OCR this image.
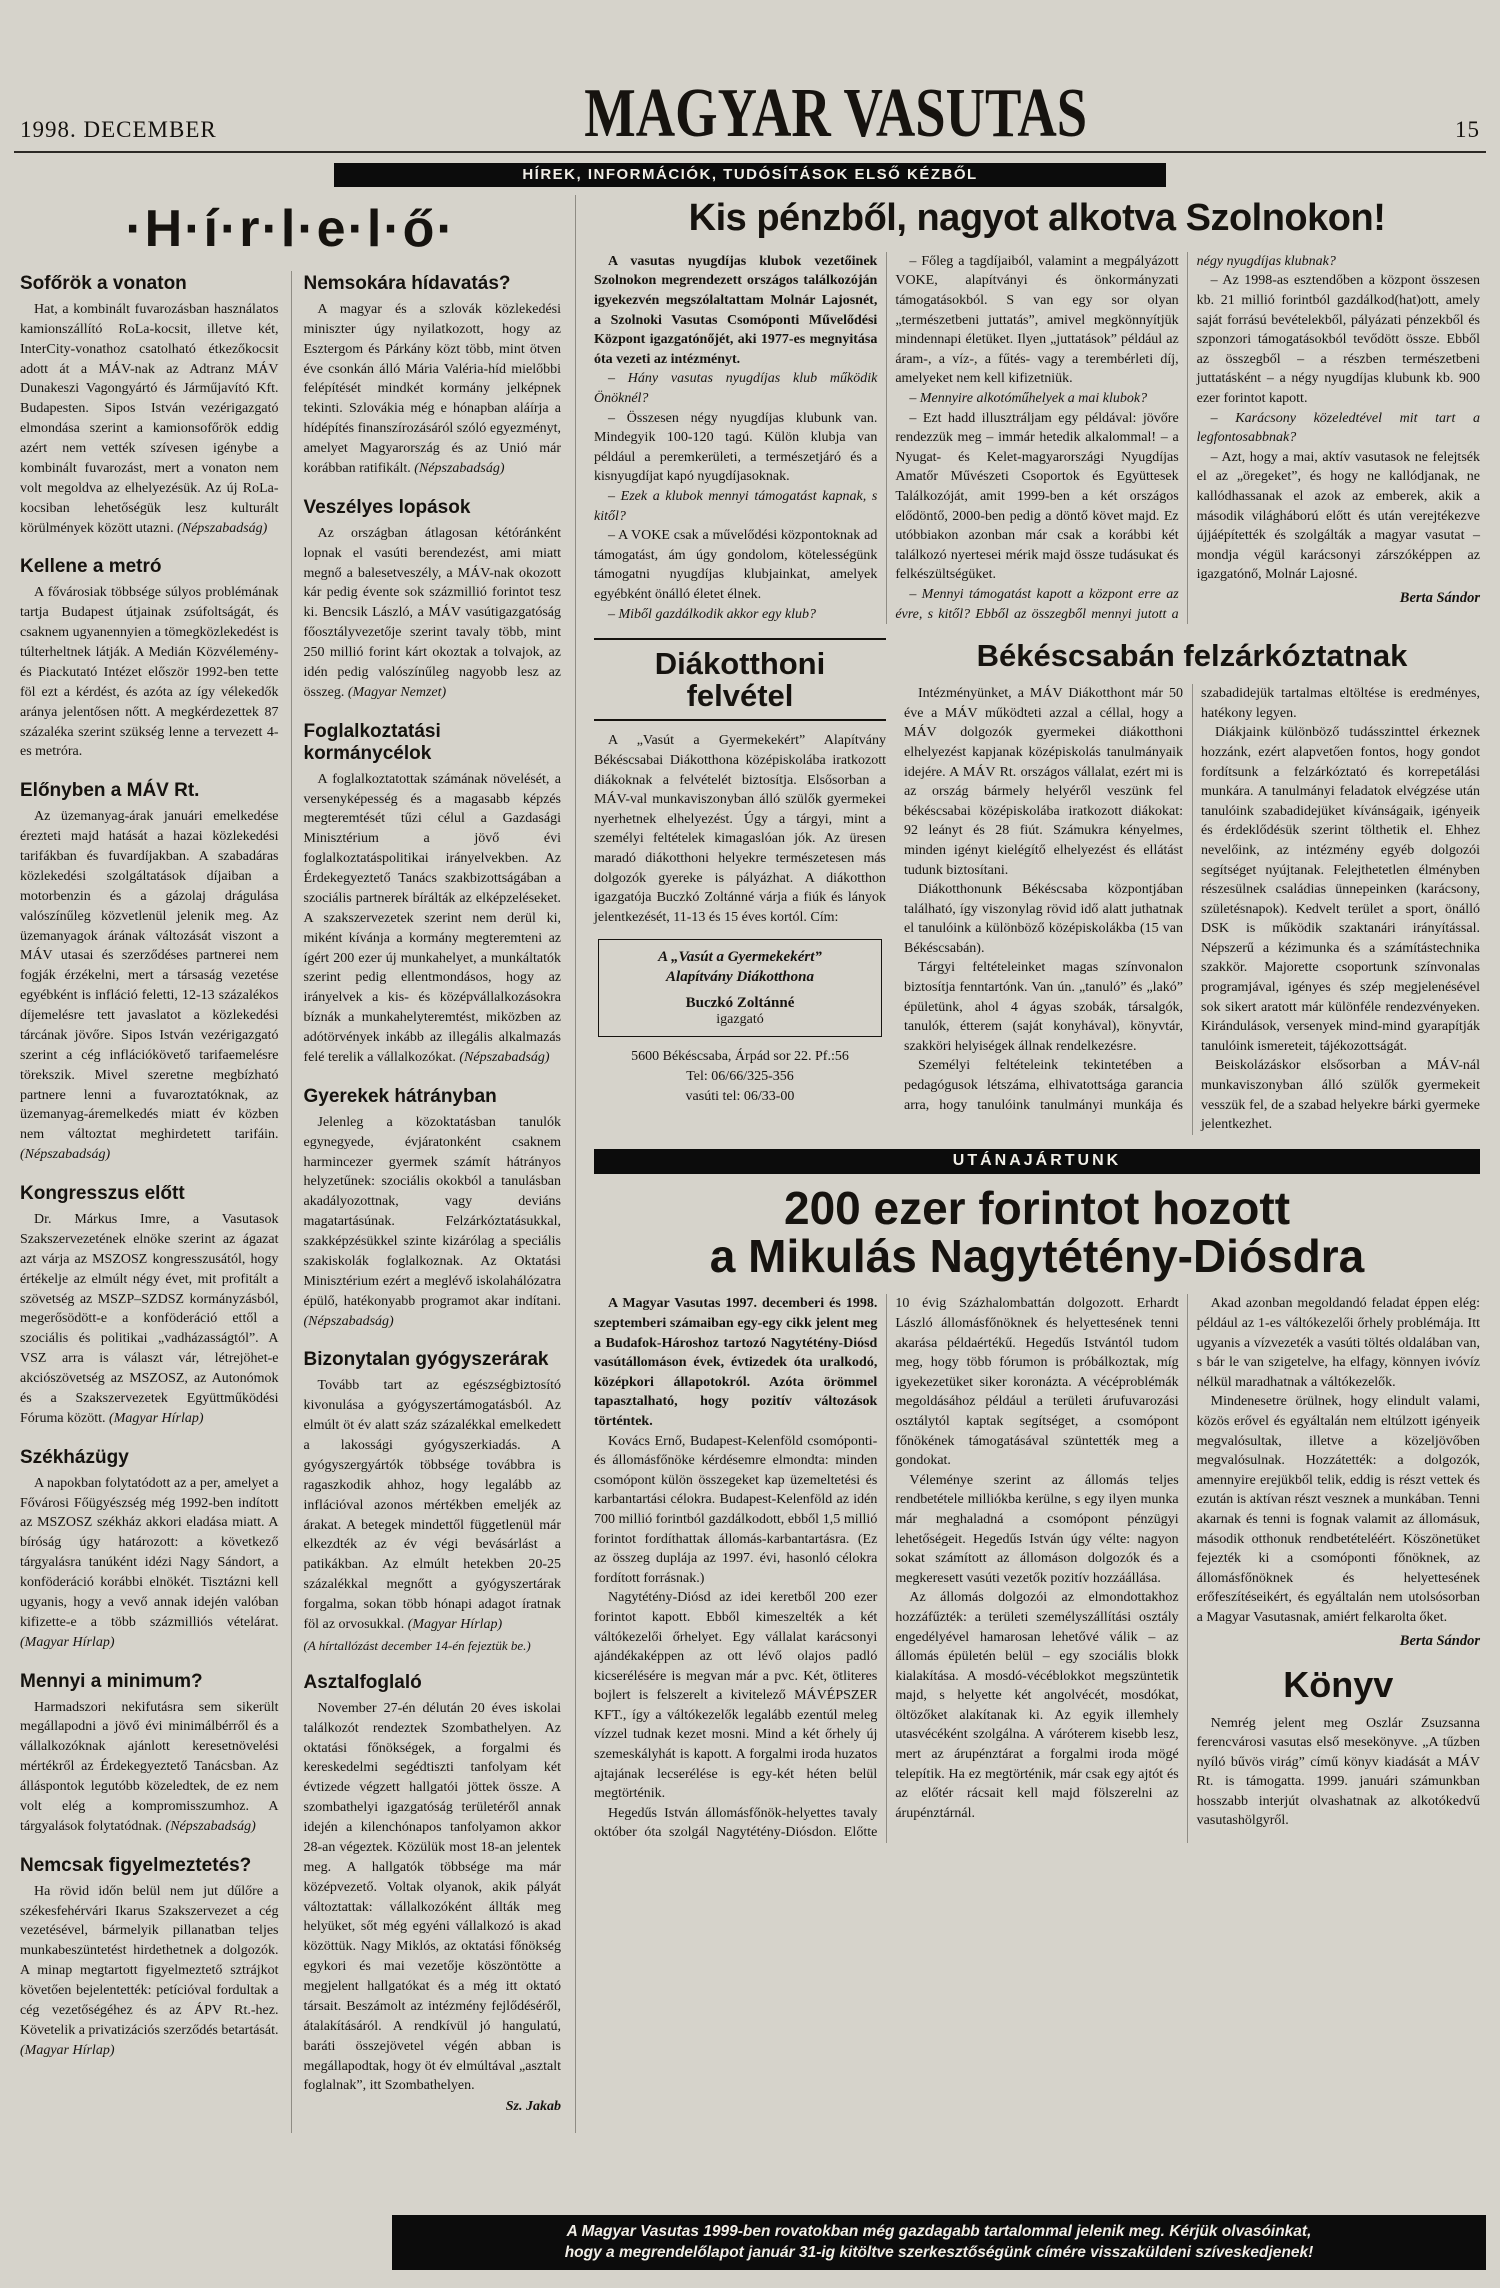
1998. DECEMBER	MAGYAR VASUTAS	15
HÍREK, INFORMÁCIÓK, TUDÓSÍTÁSOK ELSŐ KÉZBŐL
·H·í·r·l·e·l·ő·
Sofőrök a vonaton

Hat, a kombinált fuvarozásban használatos kamionszállító RoLa-kocsit, illetve két, InterCity-vonathoz csatolható étkezőkocsit adott át a MÁV-nak az Adtranz MÁV Dunakeszi Vagongyártó és Járműjavító Kft. Budapesten. Sipos István vezérigazgató elmondása szerint a kamionsofőrök eddig azért nem vették szívesen igénybe a kombinált fuvarozást, mert a vonaton nem volt megoldva az elhelyezésük. Az új RoLa-kocsiban lehetőségük lesz kulturált körülmények között utazni. (Népszabadság)

Kellene a metró

A fővárosiak többsége súlyos problémának tartja Budapest útjainak zsúfoltságát, és csaknem ugyanennyien a tömegközlekedést is túlterheltnek látják. A Medián Közvélemény- és Piackutató Intézet először 1992-ben tette föl ezt a kérdést, és azóta az így vélekedők aránya jelentősen nőtt. A megkérdezettek 87 százaléka szerint szükség lenne a tervezett 4-es metróra.

Előnyben a MÁV Rt.

Az üzemanyag-árak januári emelkedése érezteti majd hatását a hazai közlekedési tarifákban és fuvardíjakban. A szabadáras közlekedési szolgáltatások díjaiban a motorbenzin és a gázolaj drágulása valószínűleg közvetlenül jelenik meg. Az üzemanyagok árának változását viszont a MÁV utasai és szerződéses partnerei nem fogják érzékelni, mert a társaság vezetése egyébként is infláció feletti, 12-13 százalékos díjemelésre tett javaslatot a közlekedési tárcának jövőre. Sipos István vezérigazgató szerint a cég inflációkövető tarifaemelésre törekszik. Mivel szeretne megbízható partnere lenni a fuvaroztatóknak, az üzemanyag-áremelkedés miatt év közben nem változtat meghirdetett tarifáin. (Népszabadság)

Kongresszus előtt

Dr. Márkus Imre, a Vasutasok Szakszervezetének elnöke szerint az ágazat azt várja az MSZOSZ kongresszusától, hogy értékelje az elmúlt négy évet, mit profitált a szövetség az MSZP–SZDSZ kormányzásból, megerősödött-e a konföderáció ettől a szociális és politikai „vadházasságtól”. A VSZ arra is választ vár, létrejöhet-e akciószövetség az MSZOSZ, az Autonómok és a Szakszervezetek Együttműködési Fóruma között. (Magyar Hírlap)

Székházügy

A napokban folytatódott az a per, amelyet a Fővárosi Főügyészség még 1992-ben indított az MSZOSZ székház akkori eladása miatt. A bíróság úgy határozott: a következő tárgyalásra tanúként idézi Nagy Sándort, a konföderáció korábbi elnökét. Tisztázni kell ugyanis, hogy a vevő annak idején valóban kifizette-e a több százmilliós vételárat. (Magyar Hírlap)

Mennyi a minimum?

Harmadszori nekifutásra sem sikerült megállapodni a jövő évi minimálbérről és a vállalkozóknak ajánlott keresetnövelési mértékről az Érdekegyeztető Tanácsban. Az álláspontok legutóbb közeledtek, de ez nem volt elég a kompromisszumhoz. A tárgyalások folytatódnak. (Népszabadság)

Nemcsak figyelmeztetés?

Ha rövid időn belül nem jut dűlőre a székesfehérvári Ikarus Szakszervezet a cég vezetésével, bármelyik pillanatban teljes munkabeszüntetést hirdethetnek a dolgozók. A minap megtartott figyelmeztető sztrájkot követően bejelentették: petícióval fordultak a cég vezetőségéhez és az ÁPV Rt.-hez. Követelik a privatizációs szerződés betartását. (Magyar Hírlap)

Nemsokára hídavatás?

A magyar és a szlovák közlekedési miniszter úgy nyilatkozott, hogy az Esztergom és Párkány közt több, mint ötven éve csonkán álló Mária Valéria-híd mielőbbi felépítését mindkét kormány jelképnek tekinti. Szlovákia még e hónapban aláírja a hídépítés finanszírozásáról szóló egyezményt, amelyet Magyarország és az Unió már korábban ratifikált. (Népszabadság)

Veszélyes lopások

Az országban átlagosan kétóránként lopnak el vasúti berendezést, ami miatt megnő a balesetveszély, a MÁV-nak okozott kár pedig évente sok százmillió forintot tesz ki. Bencsik László, a MÁV vasútigazgatóság főosztályvezetője szerint tavaly több, mint 250 millió forint kárt okoztak a tolvajok, az idén pedig valószínűleg nagyobb lesz az összeg. (Magyar Nemzet)

Foglalkoztatási kormánycélok

A foglalkoztatottak számának növelését, a versenyképesség és a magasabb képzés megteremtését tűzi célul a Gazdasági Minisztérium a jövő évi foglalkoztatáspolitikai irányelvekben. Az Érdekegyeztető Tanács szakbizottságában a szociális partnerek bírálták az elképzeléseket. A szakszervezetek szerint nem derül ki, miként kívánja a kormány megteremteni az ígért 200 ezer új munkahelyet, a munkáltatók szerint pedig ellentmondásos, hogy az irányelvek a kis- és középvállalkozásokra bíznák a munkahelyteremtést, miközben az adótörvények inkább az illegális alkalmazás felé terelik a vállalkozókat. (Népszabadság)

Gyerekek hátrányban

Jelenleg a közoktatásban tanulók egynegyede, évjáratonként csaknem harmincezer gyermek számít hátrányos helyzetűnek: szociális okokból a tanulásban akadályozottnak, vagy deviáns magatartásúnak. Felzárkóztatásukkal, szakképzésükkel szinte kizárólag a speciális szakiskolák foglalkoznak. Az Oktatási Minisztérium ezért a meglévő iskolahálózatra épülő, hatékonyabb programot akar indítani. (Népszabadság)

Bizonytalan gyógyszerárak

Tovább tart az egészségbiztosító kivonulása a gyógyszertámogatásból. Az elmúlt öt év alatt száz százalékkal emelkedett a lakossági gyógyszerkiadás. A gyógyszergyártók többsége továbbra is ragaszkodik ahhoz, hogy legalább az inflációval azonos mértékben emeljék az árakat. A betegek mindettől függetlenül már elkezdték az év végi bevásárlást a patikákban. Az elmúlt hetekben 20-25 százalékkal megnőtt a gyógyszertárak forgalma, sokan több hónapi adagot íratnak föl az orvosukkal. (Magyar Hírlap)

(A hírtallózást december 14-én fejeztük be.)

Asztalfoglaló

November 27-én délután 20 éves iskolai találkozót rendeztek Szombathelyen. Az oktatási főnökségek, a forgalmi és kereskedelmi segédtiszti tanfolyam két évtizede végzett hallgatói jöttek össze. A szombathelyi igazgatóság területéről annak idején a kilenchónapos tanfolyamon akkor 28-an végeztek. Közülük most 18-an jelentek meg. A hallgatók többsége ma már középvezető. Voltak olyanok, akik pályát változtattak: vállalkozóként állták meg helyüket, sőt még egyéni vállalkozó is akad közöttük. Nagy Miklós, az oktatási főnökség egykori és mai vezetője köszöntötte a megjelent hallgatókat és a még itt oktató társait. Beszámolt az intézmény fejlődéséről, átalakításáról. A rendkívül jó hangulatú, baráti összejövetel végén abban is megállapodtak, hogy öt év elmúltával „asztalt foglalnak”, itt Szombathelyen.

Sz. Jakab

Kis pénzből, nagyot alkotva Szolnokon!

A vasutas nyugdíjas klubok vezetőinek Szolnokon megrendezett országos találkozóján igyekezvén megszólaltattam Molnár Lajosnét, a Szolnoki Vasutas Csomóponti Művelődési Központ igazgatónőjét, aki 1977-es megnyitása óta vezeti az intézményt.

– Hány vasutas nyugdíjas klub működik Önöknél?

– Összesen négy nyugdíjas klubunk van. Mindegyik 100-120 tagú. Külön klubja van például a peremkerületi, a természetjáró és a kisnyugdíjat kapó nyugdíjasoknak.

– Ezek a klubok mennyi támogatást kapnak, s kitől?

– A VOKE csak a művelődési központoknak ad támogatást, ám úgy gondolom, kötelességünk támogatni nyugdíjas klubjainkat, amelyek egyébként önálló életet élnek.

– Miből gazdálkodik akkor egy klub?

– Főleg a tagdíjaiból, valamint a megpályázott VOKE, alapítványi és önkormányzati támogatásokból. S van egy sor olyan „természetbeni juttatás”, amivel megkönnyítjük mindennapi életüket. Ilyen „juttatások” például az áram-, a víz-, a fűtés- vagy a terembérleti díj, amelyeket nem kell kifizetniük.

– Mennyire alkotóműhelyek a mai klubok?

– Ezt hadd illusztráljam egy példával: jövőre rendezzük meg – immár hetedik alkalommal! – a Nyugat- és Kelet-magyarországi Nyugdíjas Amatőr Művészeti Csoportok és Együttesek Találkozóját, amit 1999-ben a két országos elődöntő, 2000-ben pedig a döntő követ majd. Ez utóbbiakon azonban már csak a korábbi két találkozó nyertesei mérik majd össze tudásukat és felkészültségüket.

– Mennyi támogatást kapott a központ erre az évre, s kitől? Ebből az összegből mennyi jutott a négy nyugdíjas klubnak?

– Az 1998-as esztendőben a központ összesen kb. 21 millió forintból gazdálkod(hat)ott, amely saját forrású bevételekből, pályázati pénzekből és szponzori támogatásokból tevődött össze. Ebből az összegből – a részben természetbeni juttatásként – a négy nyugdíjas klubunk kb. 900 ezer forintot kapott.

– Karácsony közeledtével mit tart a legfontosabbnak?

– Azt, hogy a mai, aktív vasutasok ne felejtsék el az „öregeket”, és hogy ne kallódjanak, ne kallódhassanak el azok az emberek, akik a második világháború előtt és után verejtékezve újjáépítették és szolgálták a magyar vasutat – mondja végül karácsonyi zárszóképpen az igazgatónő, Molnár Lajosné.

Berta Sándor

Diákotthoni
felvétel

A „Vasút a Gyermekekért” Alapítvány Békéscsabai Diákotthona középiskolába iratkozott diákoknak a felvételét biztosítja. Elsősorban a MÁV-val munkaviszonyban álló szülők gyermekei nyerhetnek elhelyezést. Úgy a tárgyi, mint a személyi feltételek kimagaslóan jók. Az üresen maradó diákotthoni helyekre természetesen más dolgozók gyereke is pályázhat. A diákotthon igazgatója Buczkó Zoltánné várja a fiúk és lányok jelentkezését, 11-13 és 15 éves kortól. Cím:

A „Vasút a Gyermekekért”
Alapítvány Diákotthona
Buczkó Zoltánné
igazgató
5600 Békéscsaba, Árpád sor 22. Pf.:56
Tel: 06/66/325-356
vasúti tel: 06/33-00
Békéscsabán felzárkóztatnak

Intézményünket, a MÁV Diákotthont már 50 éve a MÁV működteti azzal a céllal, hogy a MÁV dolgozók gyermekei diákotthoni elhelyezést kapjanak középiskolás tanulmányaik idejére. A MÁV Rt. országos vállalat, ezért mi is az ország bármely helyéről veszünk fel békéscsabai középiskolába iratkozott diákokat: 92 leányt és 28 fiút. Számukra kényelmes, minden igényt kielégítő elhelyezést és ellátást tudunk biztosítani.

Diákotthonunk Békéscsaba központjában található, így viszonylag rövid idő alatt juthatnak el tanulóink a különböző középiskolákba (15 van Békéscsabán).

Tárgyi feltételeinket magas színvonalon biztosítja fenntartónk. Van ún. „tanuló” és „lakó” épületünk, ahol 4 ágyas szobák, társalgók, tanulók, étterem (saját konyhával), könyvtár, szakköri helyiségek állnak rendelkezésre.

Személyi feltételeink tekintetében a pedagógusok létszáma, elhivatottsága garancia arra, hogy tanulóink tanulmányi munkája és szabadidejük tartalmas eltöltése is eredményes, hatékony legyen.

Diákjaink különböző tudásszinttel érkeznek hozzánk, ezért alapvetően fontos, hogy gondot fordítsunk a felzárkóztató és korrepetálási munkára. A tanulmányi feladatok elvégzése után tanulóink szabadidejüket kívánságaik, igényeik és érdeklődésük szerint tölthetik el. Ehhez nevelőink, az intézmény egyéb dolgozói segítséget nyújtanak. Felejthetetlen élményben részesülnek családias ünnepeinken (karácsony, születésnapok). Kedvelt terület a sport, önálló DSK is működik szaktanári irányítással. Népszerű a kézimunka és a számítástechnika szakkör. Majorette csoportunk színvonalas programjával, igényes és szép megjelenésével sok sikert aratott már különféle rendezvényeken. Kirándulások, versenyek mind-mind gyarapítják tanulóink ismereteit, tájékozottságát.

Beiskolázáskor elsősorban a MÁV-nál munkaviszonyban álló szülők gyermekeit vesszük fel, de a szabad helyekre bárki gyermeke jelentkezhet.

UTÁNAJÁRTUNK
200 ezer forintot hozott
a Mikulás Nagytétény-Diósdra

A Magyar Vasutas 1997. decemberi és 1998. szeptemberi számaiban egy-egy cikk jelent meg a Budafok-Hároshoz tartozó Nagytétény-Diósd vasútállomáson évek, évtizedek óta uralkodó, középkori állapotokról. Azóta örömmel tapasztalható, hogy pozitív változások történtek.

Kovács Ernő, Budapest-Kelenföld csomóponti- és állomásfőnöke kérdésemre elmondta: minden csomópont külön összegeket kap üzemeltetési és karbantartási célokra. Budapest-Kelenföld az idén 700 millió forintból gazdálkodott, ebből 1,5 millió forintot fordíthattak állomás-karbantartásra. (Ez az összeg duplája az 1997. évi, hasonló célokra fordított forrásnak.)

Nagytétény-Diósd az idei keretből 200 ezer forintot kapott. Ebből kimeszelték a két váltókezelői őrhelyet. Egy vállalat karácsonyi ajándékaképpen az ott lévő olajos padló kicserélésére is megvan már a pvc. Két, ötliteres bojlert is felszerelt a kivitelező MÁVÉPSZER KFT., így a váltókezelők legalább ezentúl meleg vízzel tudnak kezet mosni. Mind a két őrhely új szemeskályhát is kapott. A forgalmi iroda huzatos ajtajának lecserélése is egy-két héten belül megtörténik.

Hegedűs István állomásfőnök-helyettes tavaly október óta szolgál Nagytétény-Diósdon. Előtte 10 évig Százhalombattán dolgozott. Erhardt László állomásfőnöknek és helyettesének tenni akarása példaértékű. Hegedűs Istvántól tudom meg, hogy több fórumon is próbálkoztak, míg igyekezetüket siker koronázta. A vécéproblémák megoldásához például a területi árufuvarozási osztálytól kaptak segítséget, a csomópont főnökének támogatásával szüntették meg a gondokat.

Véleménye szerint az állomás teljes rendbetétele milliókba kerülne, s egy ilyen munka már meghaladná a csomópont pénzügyi lehetőségeit. Hegedűs István úgy vélte: nagyon sokat számított az állomáson dolgozók és a megkeresett vasúti vezetők pozitív hozzáállása.

Az állomás dolgozói az elmondottakhoz hozzáfűzték: a területi személyszállítási osztály engedélyével hamarosan lehetővé válik – az állomás épületén belül – egy szociális blokk kialakítása. A mosdó-vécéblokkot megszüntetik majd, s helyette két angolvécét, mosdókat, öltözőket alakítanak ki. Az egyik illemhely utasvécéként szolgálna. A váróterem kisebb lesz, mert az árupénztárat a forgalmi iroda mögé telepítik. Ha ez megtörténik, már csak egy ajtót és az előtér rácsait kell majd fölszerelni az árupénztárnál.

Akad azonban megoldandó feladat éppen elég: például az 1-es váltókezelői őrhely problémája. Itt ugyanis a vízvezeték a vasúti töltés oldalában van, s bár le van szigetelve, ha elfagy, könnyen ivóvíz nélkül maradhatnak a váltókezelők.

Mindenesetre örülnek, hogy elindult valami, közös erővel és egyáltalán nem eltúlzott igényeik megvalósultak, illetve a közeljövőben megvalósulnak. Hozzátették: a dolgozók, amennyire erejükből telik, eddig is részt vettek és ezután is aktívan részt vesznek a munkában. Tenni akarnak és tenni is fognak valamit az állomásuk, második otthonuk rendbetételéért. Köszönetüket fejezték ki a csomóponti főnöknek, az állomásfőnöknek és helyettesének erőfeszítéseikért, és egyáltalán nem utolsósorban a Magyar Vasutasnak, amiért felkarolta őket.

Berta Sándor

Könyv

Nemrég jelent meg Oszlár Zsuzsanna ferencvárosi vasutas első mesekönyve. „A tűzben nyíló bűvös virág” című könyv kiadását a MÁV Rt. is támogatta. 1999. januári számunkban hosszabb interjút olvashatnak az alkotókedvű vasutashölgyről.

A Magyar Vasutas 1999-ben rovatokban még gazdagabb tartalommal jelenik meg. Kérjük olvasóinkat,
hogy a megrendelőlapot január 31-ig kitöltve szerkesztőségünk címére visszaküldeni szíveskedjenek!
